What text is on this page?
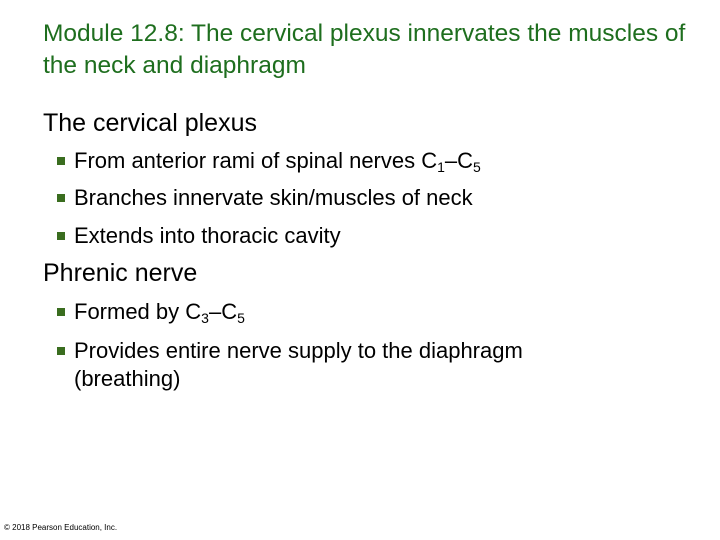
Module 12.8: The cervical plexus innervates the muscles of the neck and diaphragm
The cervical plexus
From anterior rami of spinal nerves $C_1-C_5$
Branches innervate skin/muscles of neck
Extends into thoracic cavity
Phrenic nerve
Formed by $C_3-C_5$
Provides entire nerve supply to the diaphragm
(breathing)
© 2018 Pearson Education, Inc.
